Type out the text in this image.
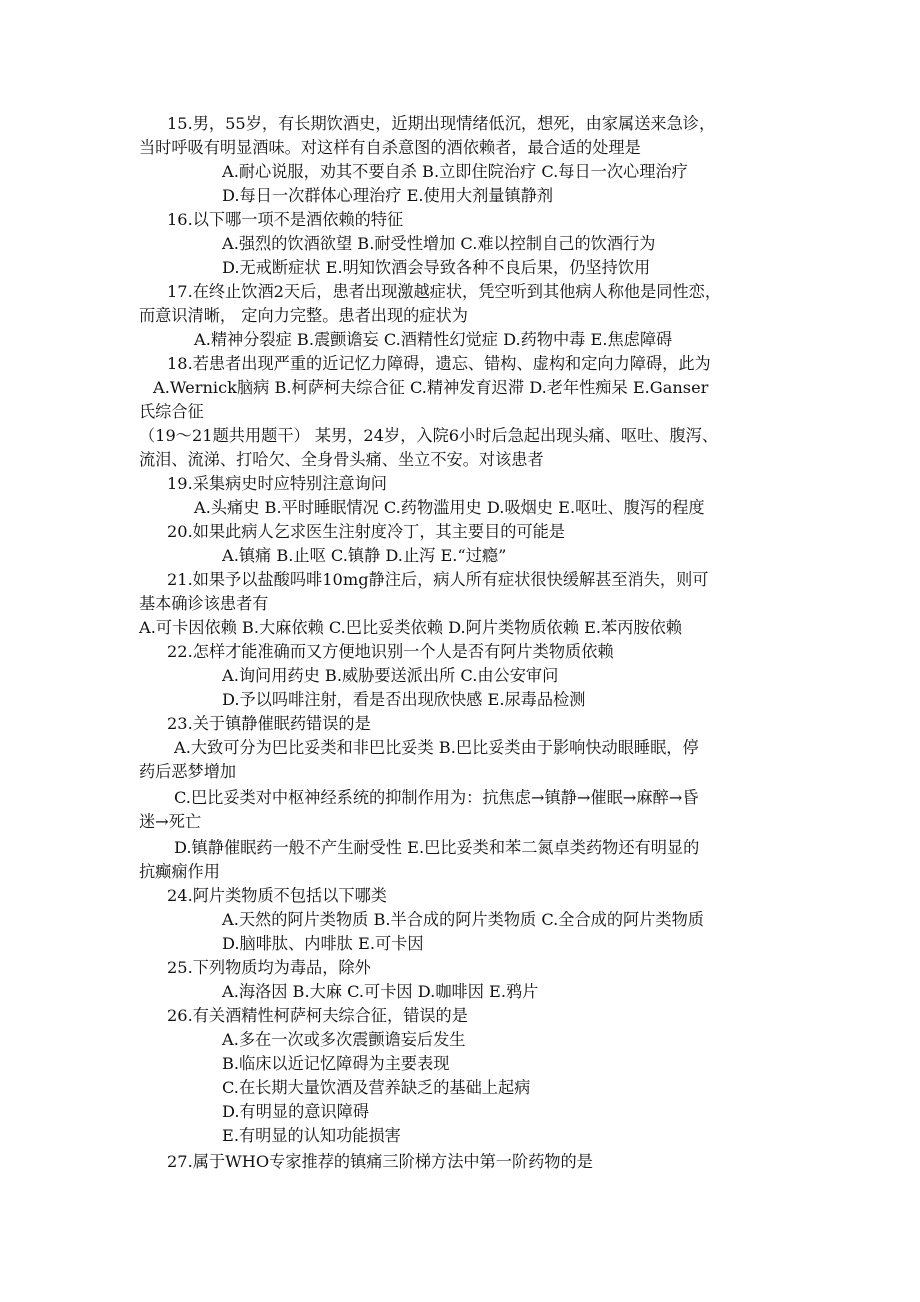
15.男，55岁，有长期饮酒史，近期出现情绪低沉，想死，由家属送来急诊，
当时呼吸有明显酒味。对这样有自杀意图的酒依赖者，最合适的处理是
A.耐心说服，劝其不要自杀 B.立即住院治疗 C.每日一次心理治疗
D.每日一次群体心理治疗 E.使用大剂量镇静剂
16.以下哪一项不是酒依赖的特征
A.强烈的饮酒欲望 B.耐受性增加 C.难以控制自己的饮酒行为
D.无戒断症状 E.明知饮酒会导致各种不良后果，仍坚持饮用
17.在终止饮酒2天后，患者出现激越症状，凭空听到其他病人称他是同性恋，
而意识清晰， 定向力完整。患者出现的症状为
A.精神分裂症 B.震颤谵妄 C.酒精性幻觉症 D.药物中毒 E.焦虑障碍
18.若患者出现严重的近记忆力障碍，遗忘、错构、虚构和定向力障碍，此为
A.Wernick脑病 B.柯萨柯夫综合征 C.精神发育迟滞 D.老年性痴呆 E.Ganser
氏综合征
（19～21题共用题干） 某男，24岁，入院6小时后急起出现头痛、呕吐、腹泻、
流泪、流涕、打哈欠、全身骨头痛、坐立不安。对该患者
19.采集病史时应特别注意询问
A.头痛史 B.平时睡眠情况 C.药物滥用史 D.吸烟史 E.呕吐、腹泻的程度
20.如果此病人乞求医生注射度冷丁，其主要目的可能是
A.镇痛 B.止呕 C.镇静 D.止泻 E.“过瘾”
21.如果予以盐酸吗啡10mg静注后，病人所有症状很快缓解甚至消失，则可
基本确诊该患者有
A.可卡因依赖 B.大麻依赖 C.巴比妥类依赖 D.阿片类物质依赖 E.苯丙胺依赖
22.怎样才能准确而又方便地识别一个人是否有阿片类物质依赖
A.询问用药史 B.威胁要送派出所 C.由公安审问
D.予以吗啡注射，看是否出现欣快感 E.尿毒品检测
23.关于镇静催眠药错误的是
A.大致可分为巴比妥类和非巴比妥类 B.巴比妥类由于影响快动眼睡眠，停
药后恶梦增加
C.巴比妥类对中枢神经系统的抑制作用为：抗焦虑→镇静→催眠→麻醉→昏
迷→死亡
D.镇静催眠药一般不产生耐受性 E.巴比妥类和苯二氮卓类药物还有明显的
抗癫痫作用
24.阿片类物质不包括以下哪类
A.天然的阿片类物质 B.半合成的阿片类物质 C.全合成的阿片类物质
D.脑啡肽、内啡肽 E.可卡因
25.下列物质均为毒品，除外
A.海洛因 B.大麻 C.可卡因 D.咖啡因 E.鸦片
26.有关酒精性柯萨柯夫综合征，错误的是
A.多在一次或多次震颤谵妄后发生
B.临床以近记忆障碍为主要表现
C.在长期大量饮酒及营养缺乏的基础上起病
D.有明显的意识障碍
E.有明显的认知功能损害
27.属于WHO专家推荐的镇痛三阶梯方法中第一阶药物的是
